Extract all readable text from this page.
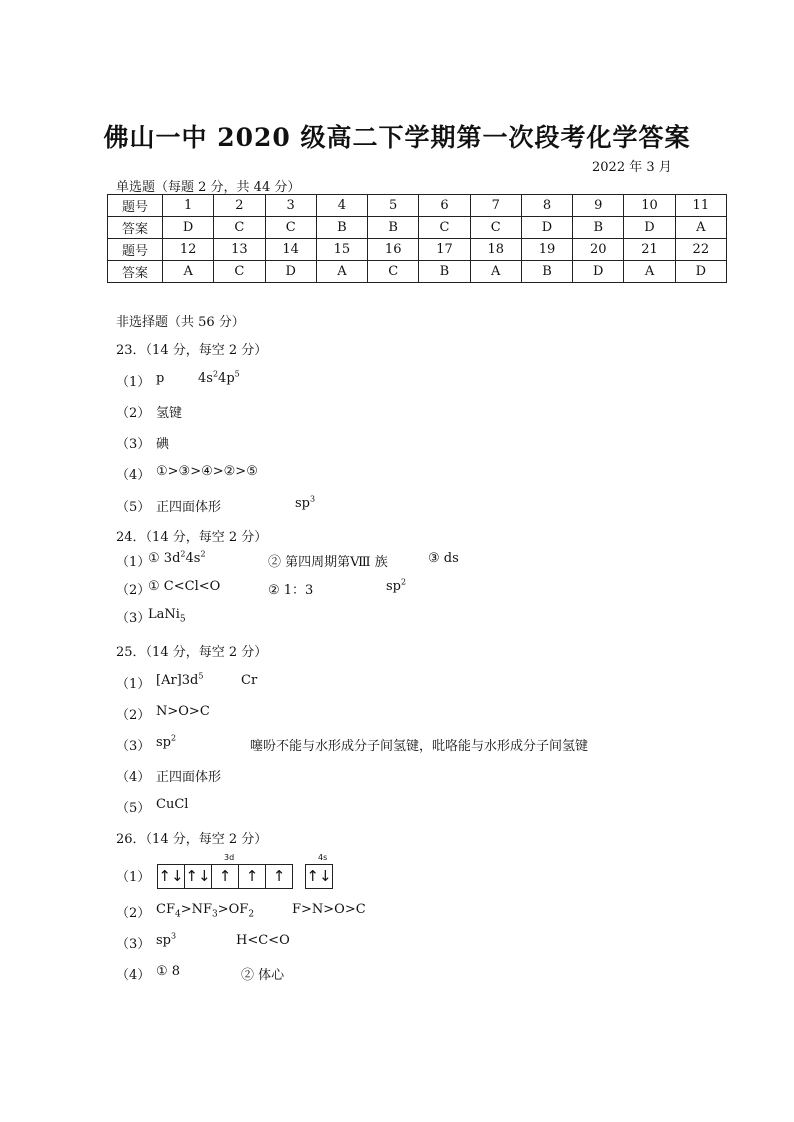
佛山一中 2020 级高二下学期第一次段考化学答案
2022 年 3 月
单选题（每题 2 分，共 44 分）
题号	1	2	3	4	5	6	7	8	9	10	11
答案	D	C	C	B	B	C	C	D	B	D	A
题号	12	13	14	15	16	17	18	19	20	21	22
答案	A	C	D	A	C	B	A	B	D	A	D
非选择题（共 56 分）
23．（14 分，每空 2 分）
（1） p	$4s^24p^5$
（2） 氢键
（3） 碘
（4） ①>③>④>②>⑤
（5） 正四面体形	$sp^3$
24．（14 分，每空 2 分）
（1）
① $3d^24s^2$
② 第四周期第Ⅷ 族	③ ds
（2）
① C<Cl<O	② 1：3	$sp^2$
（3）
LaNi$_5$
25．（14 分，每空 2 分）
（1） $[Ar]3d^5$	Cr
（2） N>O>C
（3） $sp^2$
噻吩不能与水形成分子间氢键，吡咯能与水形成分子间氢键
（4） 正四面体形
（5） CuCl
26．（14 分，每空 2 分）
（1）
3d	4s
↑↓ ↑↓ ↑ ↑ ↑	↑↓
（2） $CF_4>NF_3>OF_2$	F>N>O>C
（3） $sp^3$	H<C<O
（4） ① 8	② 体心
